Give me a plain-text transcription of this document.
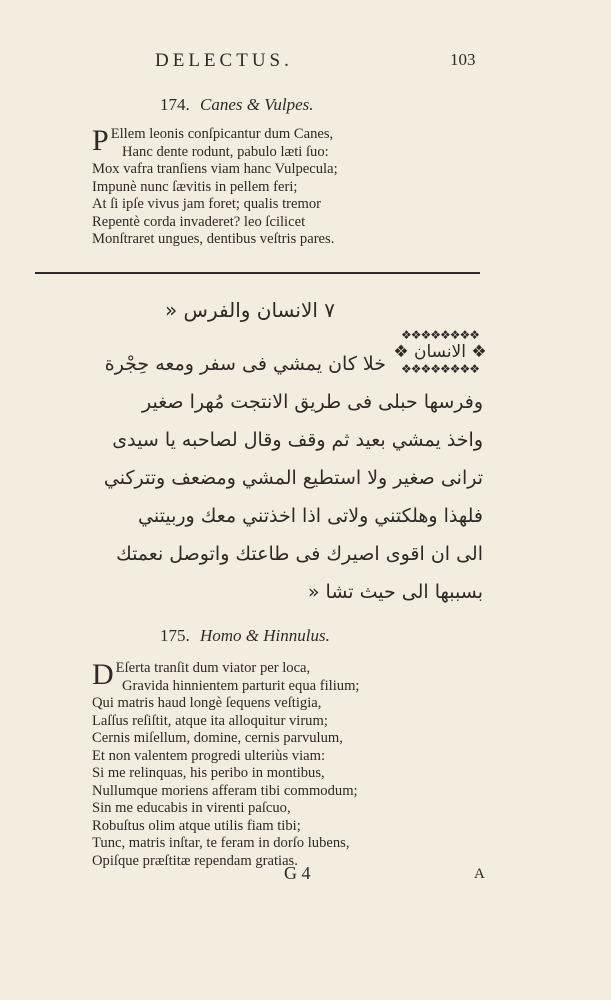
DELECTUS.	103
174. Canes & Vulpes.
P Ellem leonis conſpicantur dum Canes,
Hanc dente rodunt, pabulo læti ſuo:
Mox vafra tranſiens viam hanc Vulpecula;
Impunè nunc ſævitis in pellem feri;
At ſi ipſe vivus jam foret; qualis tremor
Repentè corda invaderet? leo ſcilicet
Monſtraret ungues, dentibus veſtris pares.
٧ الانسان والفرس «
❖❖❖❖❖❖❖❖
❖ الانسان ❖
❖❖❖❖❖❖❖❖
خلا كان يمشي فى سفر ومعه حِجْرة
وفرسها حبلى فى طريق الانتجت مُهرا صغير
واخذ يمشي بعيد ثم وقف وقال لصاحبه يا سيدى
ترانى صغير ولا استطيع المشي ومضعف وتتركني
فلهذا وهلكتني ولاتى اذا اخذتني معك وربيتني
الى ان اقوى اصيرك فى طاعتك واتوصل نعمتك
بسببها الى حيث تشا «
175. Homo & Hinnulus.
D Eſerta tranſit dum viator per loca,
Gravida hinnientem parturit equa filium;
Qui matris haud longè ſequens veſtigia,
Laſſus reſiſtit, atque ita alloquitur virum;
Cernis miſellum, domine, cernis parvulum,
Et non valentem progredi ulteriùs viam:
Si me relinquas, his peribo in montibus,
Nullumque moriens afferam tibi commodum;
Sin me educabis in virenti paſcuo,
Robuſtus olim atque utilis fiam tibi;
Tunc, matris inſtar, te feram in dorſo lubens,
Opiſque præſtitæ rependam gratias.
G 4	A
